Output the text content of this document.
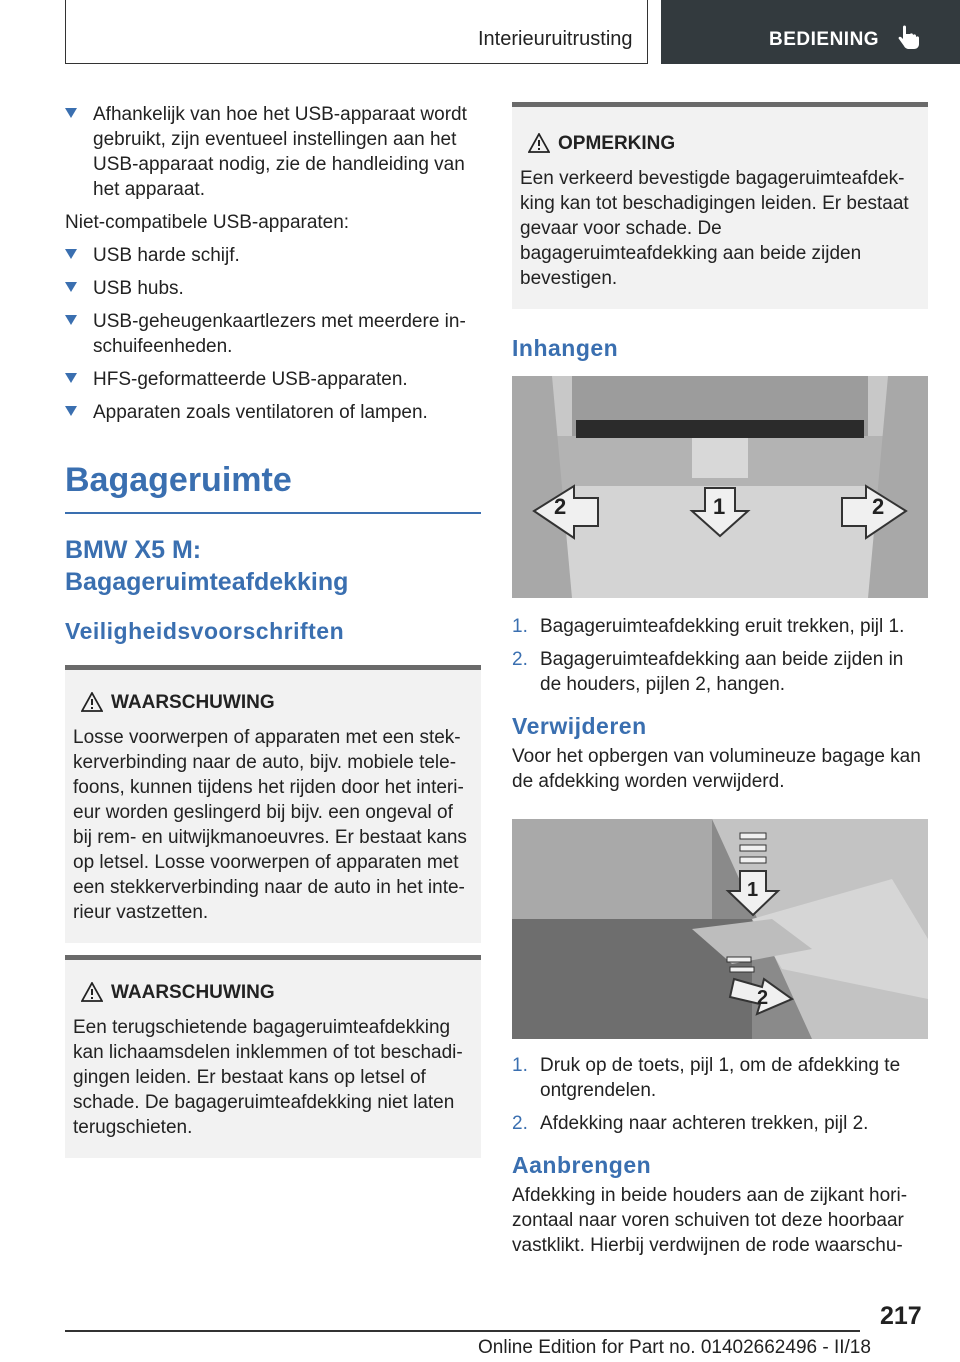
Interieuruitrusting	BEDIENING
Afhankelijk van hoe het USB-apparaat wordt gebruikt, zijn eventueel instellingen aan het USB-apparaat nodig, zie de handleiding van het apparaat.

Niet-compatibele USB-apparaten:

USB harde schijf.
USB hubs.
USB-geheugenkaartlezers met meerdere in-schuifeenheden.
HFS-geformatteerde USB-apparaten.
Apparaten zoals ventilatoren of lampen.
Bagageruimte
BMW X5 M: Bagageruimteafdekking
Veiligheidsvoorschriften
WAARSCHUWING

Losse voorwerpen of apparaten met een stek-kerverbinding naar de auto, bijv. mobiele tele-foons, kunnen tijdens het rijden door het interi-eur worden geslingerd bij bijv. een ongeval of bij rem- en uitwijkmanoeuvres. Er bestaat kans op letsel. Losse voorwerpen of apparaten met een stekkerverbinding naar de auto in het inte-rieur vastzetten.

WAARSCHUWING

Een terugschietende bagageruimteafdekking kan lichaamsdelen inklemmen of tot beschadi-gingen leiden. Er bestaat kans op letsel of schade. De bagageruimteafdekking niet laten terugschieten.

OPMERKING

Een verkeerd bevestigde bagageruimteafdek-king kan tot beschadigingen leiden. Er bestaat gevaar voor schade. De bagageruimteafdekking aan beide zijden bevestigen.

Inhangen
2	1	2
1. Bagageruimteafdekking eruit trekken, pijl 1.
2. Bagageruimteafdekking aan beide zijden in de houders, pijlen 2, hangen.
Verwijderen

Voor het opbergen van volumineuze bagage kan de afdekking worden verwijderd.

1
2
1. Druk op de toets, pijl 1, om de afdekking te ontgrendelen.
2. Afdekking naar achteren trekken, pijl 2.
Aanbrengen

Afdekking in beide houders aan de zijkant hori-zontaal naar voren schuiven tot deze hoorbaar vastklikt. Hierbij verdwijnen de rode waarschu-

217
Online Edition for Part no. 01402662496 - II/18
